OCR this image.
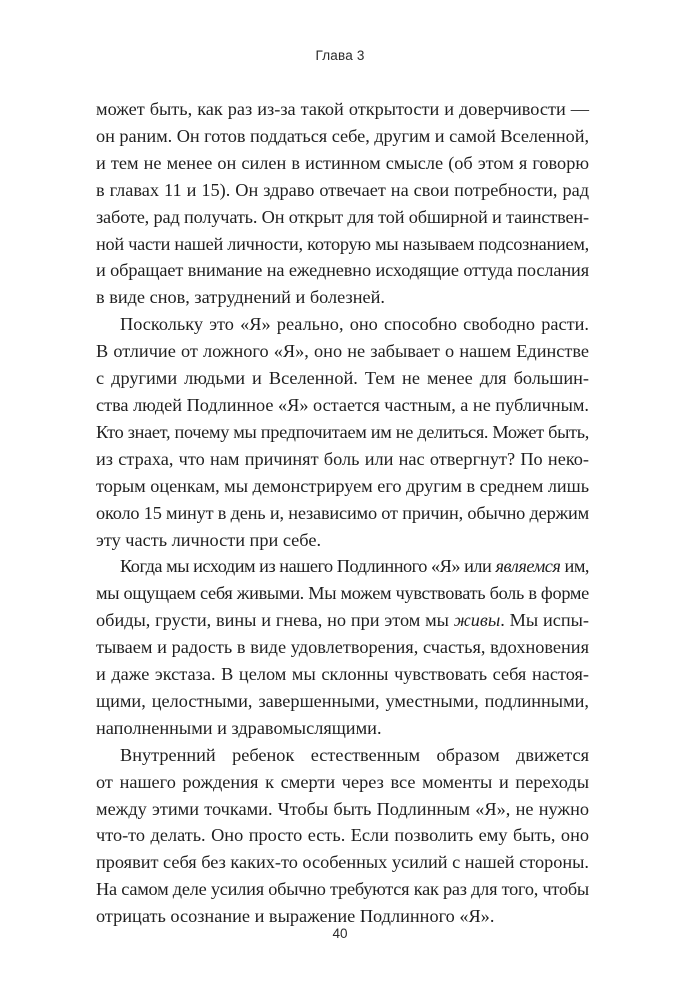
Глава 3

может быть, как раз из-за такой открытости и доверчивости —
он раним. Он готов поддаться себе, другим и самой Вселенной,
и тем не менее он силен в истинном смысле (об этом я говорю
в главах 11 и 15). Он здраво отвечает на свои потребности, рад
заботе, рад получать. Он открыт для той обширной и таинствен-
ной части нашей личности, которую мы называем подсознанием,
и обращает внимание на ежедневно исходящие оттуда послания
в виде снов, затруднений и болезней.

Поскольку это «Я» реально, оно способно свободно расти.
В отличие от ложного «Я», оно не забывает о нашем Единстве
с другими людьми и Вселенной. Тем не менее для большин-
ства людей Подлинное «Я» остается частным, а не публичным.
Кто знает, почему мы предпочитаем им не делиться. Может быть,
из страха, что нам причинят боль или нас отвергнут? По неко-
торым оценкам, мы демонстрируем его другим в среднем лишь
около 15 минут в день и, независимо от причин, обычно держим
эту часть личности при себе.

Когда мы исходим из нашего Подлинного «Я» или являемся им,
мы ощущаем себя живыми. Мы можем чувствовать боль в форме
обиды, грусти, вины и гнева, но при этом мы живы. Мы испы-
тываем и радость в виде удовлетворения, счастья, вдохновения
и даже экстаза. В целом мы склонны чувствовать себя настоя-
щими, целостными, завершенными, уместными, подлинными,
наполненными и здравомыслящими.

Внутренний ребенок естественным образом движется
от нашего рождения к смерти через все моменты и переходы
между этими точками. Чтобы быть Подлинным «Я», не нужно
что-то делать. Оно просто есть. Если позволить ему быть, оно
проявит себя без каких-то особенных усилий с нашей стороны.
На самом деле усилия обычно требуются как раз для того, чтобы
отрицать осознание и выражение Подлинного «Я».

40
